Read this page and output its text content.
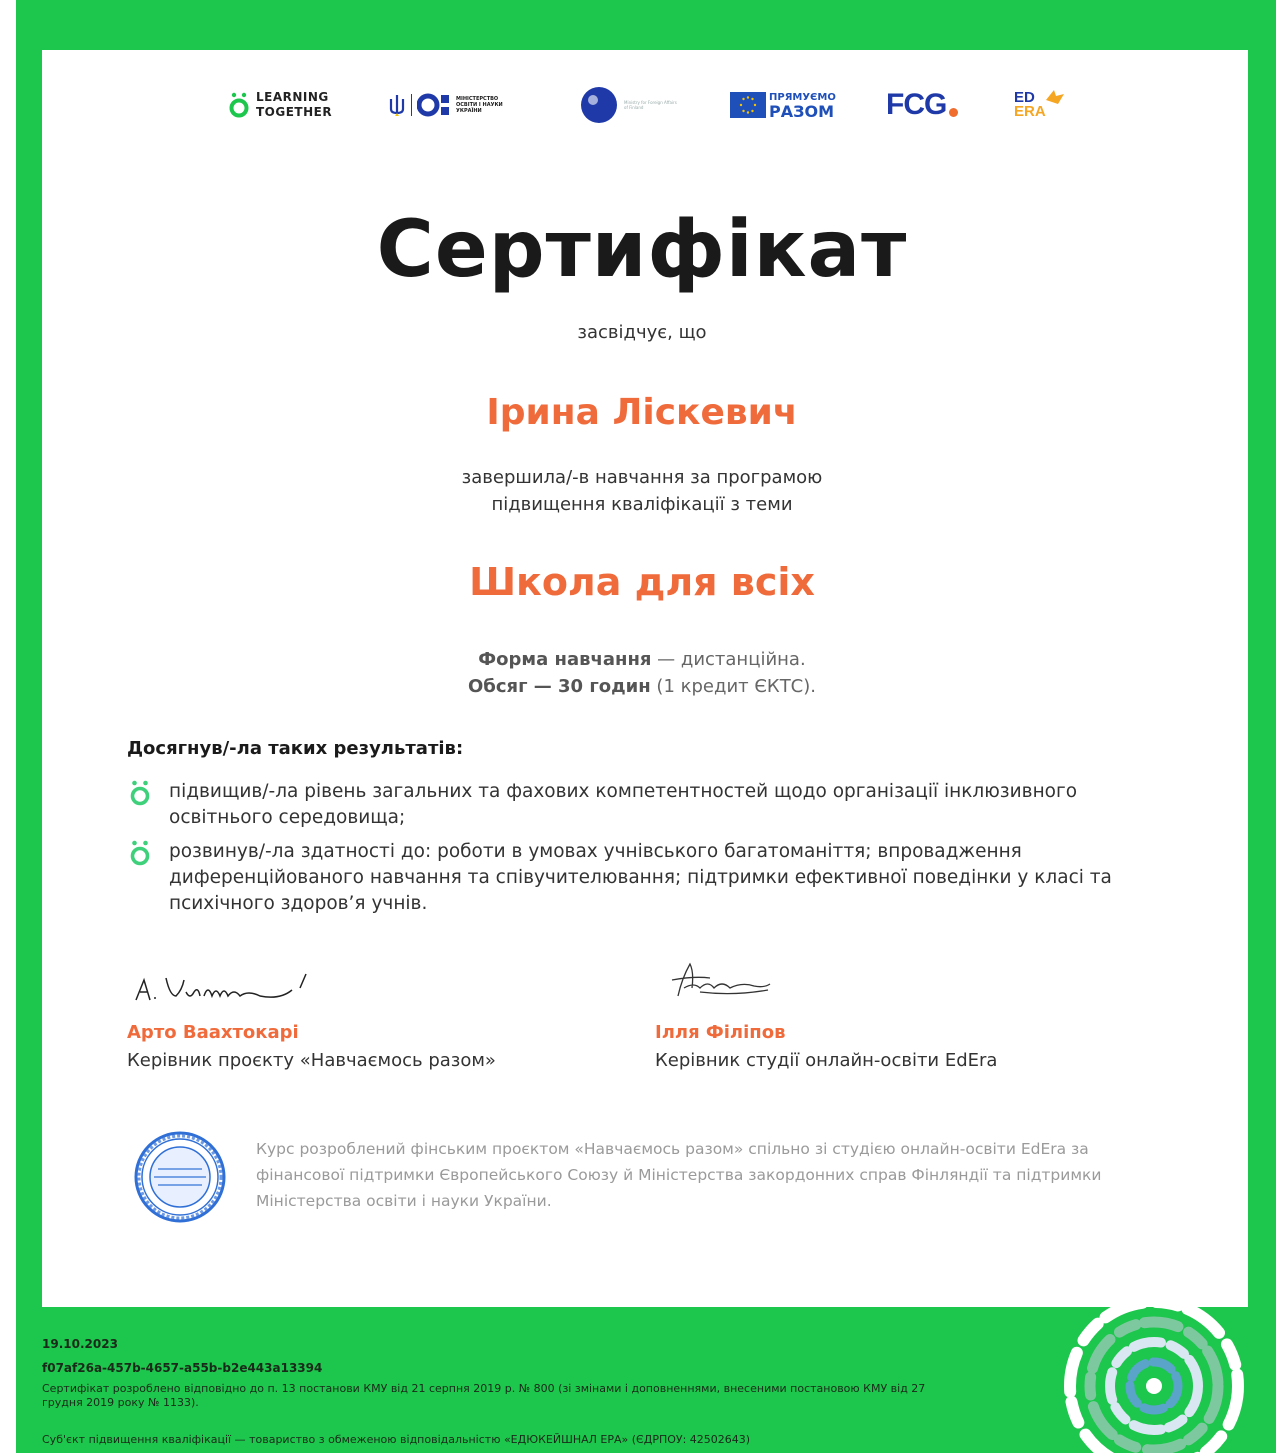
LEARNING
TOGETHER
МІНІСТЕРСТВО
ОСВІТИ І НАУКИ
УКРАЇНИ
Ministry for Foreign Affairs of Finland
ПРЯМУЄМО
РАЗОМ FCG	ED
ERA
Сертифікат
засвідчує, що
Ірина Ліскевич
завершила/-в навчання за програмою
підвищення кваліфікації з теми
Школа для всіх
Форма навчання — дистанційна.
Обсяг — 30 годин (1 кредит ЄКТС).
Досягнув/-ла таких результатів:
підвищив/-ла рівень загальних та фахових компетентностей щодо організації інклюзивного освітнього середовища;
розвинув/-ла здатності до: роботи в умовах учнівського багатоманіття; впровадження диференційованого навчання та співучителювання; підтримки ефективної поведінки у класі та психічного здоров’я учнів.
Арто Ваахтокарі
Керівник проєкту «Навчаємось разом»
Ілля Філіпов
Керівник студії онлайн-освіти EdEra
Курс розроблений фінським проєктом «Навчаємось разом» спільно зі студією онлайн-освіти EdEra за фінансової підтримки Європейського Союзу й Міністерства закордонних справ Фінляндії та підтримки Міністерства освіти і науки України.
19.10.2023
f07af26a-457b-4657-a55b-b2e443a13394
Сертифікат розроблено відповідно до п. 13 постанови КМУ від 21 серпня 2019 р. № 800 (зі змінами і доповненнями, внесеними постановою КМУ від 27 грудня 2019 року № 1133).
Суб'єкт підвищення кваліфікації — товариство з обмеженою відповідальністю «ЕДЮКЕЙШНАЛ ЕРА» (ЄДРПОУ: 42502643)
